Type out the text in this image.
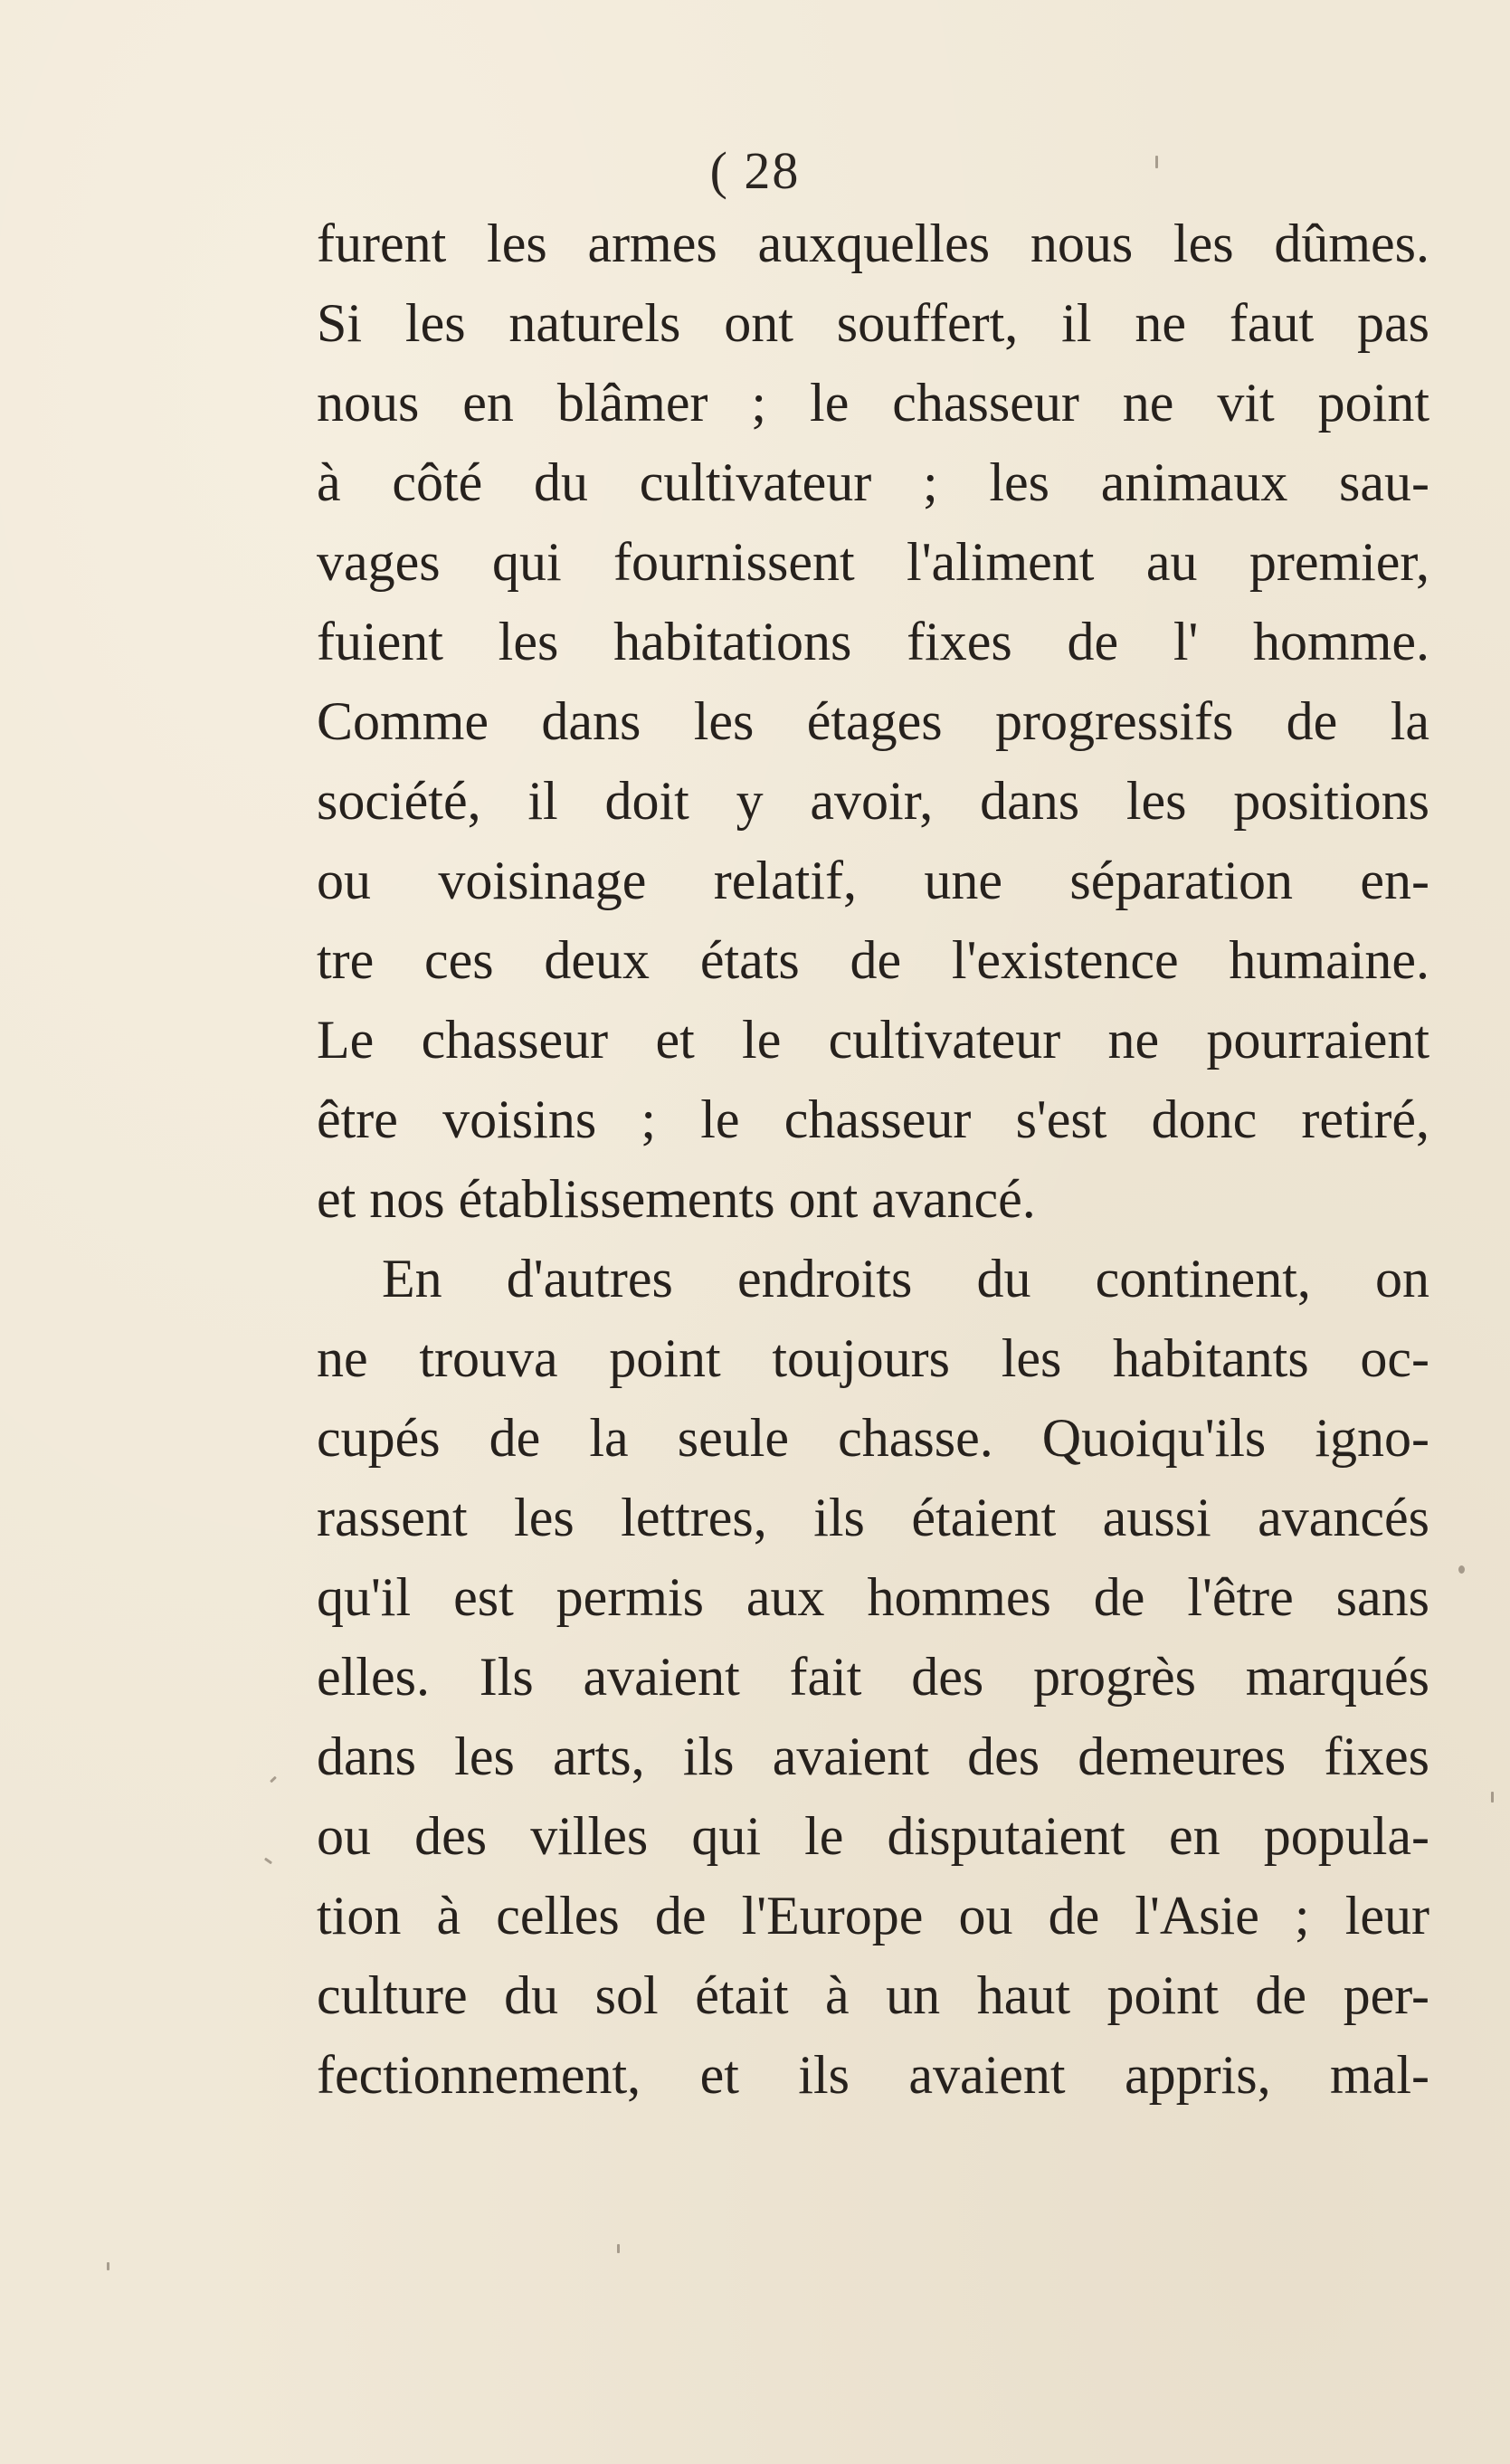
( 28
furent les armes auxquelles nous les dûmes.
Si les naturels ont souffert, il ne faut pas
nous en blâmer ; le chasseur ne vit point
à côté du cultivateur ; les animaux sau-
vages qui fournissent l'aliment au premier,
fuient les habitations fixes de l' homme.
Comme dans les étages progressifs de la
société, il doit y avoir, dans les positions
ou voisinage relatif, une séparation en-
tre ces deux états de l'existence humaine.
Le chasseur et le cultivateur ne pourraient
être voisins ; le chasseur s'est donc retiré,
et nos établissements ont avancé.
En d'autres endroits du continent, on
ne trouva point toujours les habitants oc-
cupés de la seule chasse. Quoiqu'ils igno-
rassent les lettres, ils étaient aussi avancés
qu'il est permis aux hommes de l'être sans
elles. Ils avaient fait des progrès marqués
dans les arts, ils avaient des demeures fixes
ou des villes qui le disputaient en popula-
tion à celles de l'Europe ou de l'Asie ; leur
culture du sol était à un haut point de per-
fectionnement, et ils avaient appris, mal-
